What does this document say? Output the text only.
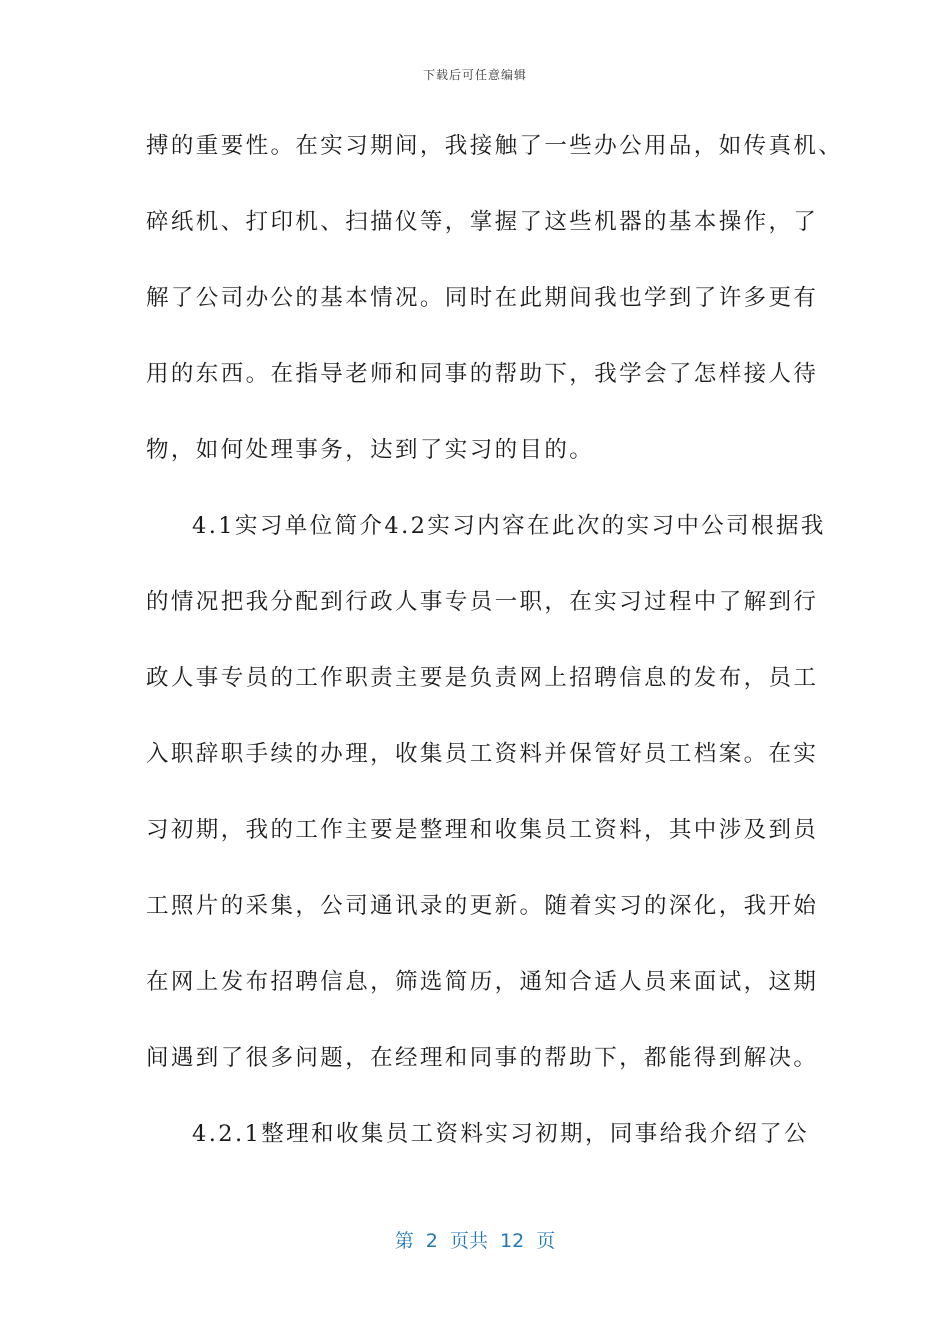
下载后可任意编辑
搏的重要性。在实习期间，我接触了一些办公用品，如传真机、
碎纸机、打印机、扫描仪等，掌握了这些机器的基本操作，了
解了公司办公的基本情况。同时在此期间我也学到了许多更有
用的东西。在指导老师和同事的帮助下，我学会了怎样接人待
物，如何处理事务，达到了实习的目的。
4.1实习单位简介4.2实习内容在此次的实习中公司根据我
的情况把我分配到行政人事专员一职，在实习过程中了解到行
政人事专员的工作职责主要是负责网上招聘信息的发布，员工
入职辞职手续的办理，收集员工资料并保管好员工档案。在实
习初期，我的工作主要是整理和收集员工资料，其中涉及到员
工照片的采集，公司通讯录的更新。随着实习的深化，我开始
在网上发布招聘信息，筛选简历，通知合适人员来面试，这期
间遇到了很多问题，在经理和同事的帮助下，都能得到解决。
4.2.1整理和收集员工资料实习初期，同事给我介绍了公
第  2  页共  12  页
